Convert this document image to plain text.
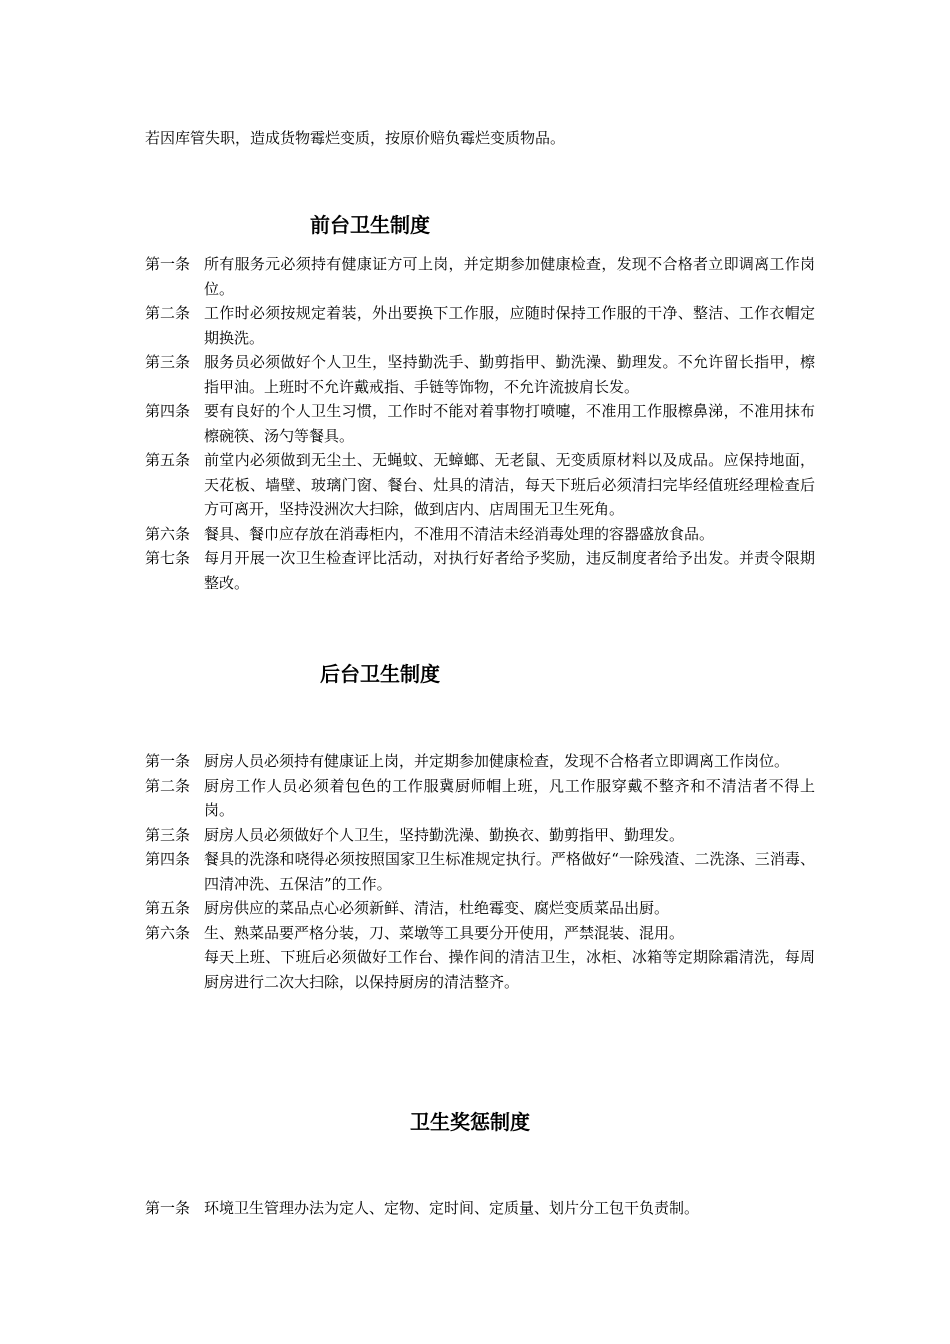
若因库管失职，造成货物霉烂变质，按原价赔负霉烂变质物品。
前台卫生制度
第一条 所有服务元必须持有健康证方可上岗，并定期参加健康检查，发现不合格者立即调离工作岗位。
第二条 工作时必须按规定着装，外出要换下工作服，应随时保持工作服的干净、整洁、工作衣帽定期换洗。
第三条 服务员必须做好个人卫生，坚持勤洗手、勤剪指甲、勤洗澡、勤理发。不允许留长指甲，檫指甲油。上班时不允许戴戒指、手链等饰物，不允许流披肩长发。
第四条 要有良好的个人卫生习惯，工作时不能对着事物打喷嚏，不准用工作服檫鼻涕，不准用抹布檫碗筷、汤勺等餐具。
第五条 前堂内必须做到无尘土、无蝇蚊、无蟑螂、无老鼠、无变质原材料以及成品。应保持地面，天花板、墙壁、玻璃门窗、餐台、灶具的清洁，每天下班后必须清扫完毕经值班经理检查后方可离开，坚持没洲次大扫除，做到店内、店周围无卫生死角。
第六条 餐具、餐巾应存放在消毒柜内，不准用不清洁未经消毒处理的容器盛放食品。
第七条 每月开展一次卫生检查评比活动，对执行好者给予奖励，违反制度者给予出发。并责令限期整改。
后台卫生制度
第一条 厨房人员必须持有健康证上岗，并定期参加健康检查，发现不合格者立即调离工作岗位。
第二条 厨房工作人员必须着包色的工作服冀厨师帽上班，凡工作服穿戴不整齐和不清洁者不得上岗。
第三条 厨房人员必须做好个人卫生，坚持勤洗澡、勤换衣、勤剪指甲、勤理发。
第四条 餐具的洗涤和哓得必须按照国家卫生标准规定执行。严格做好“一除残渣、二洗涤、三消毒、四清冲洗、五保洁”的工作。
第五条 厨房供应的菜品点心必须新鲜、清洁，杜绝霉变、腐烂变质菜品出厨。
第六条 生、熟菜品要严格分装，刀、菜墩等工具要分开使用，严禁混装、混用。
每天上班、下班后必须做好工作台、操作间的清洁卫生，冰柜、冰箱等定期除霜清洗，每周厨房进行二次大扫除，以保持厨房的清洁整齐。
卫生奖惩制度
第一条 环境卫生管理办法为定人、定物、定时间、定质量、划片分工包干负责制。
